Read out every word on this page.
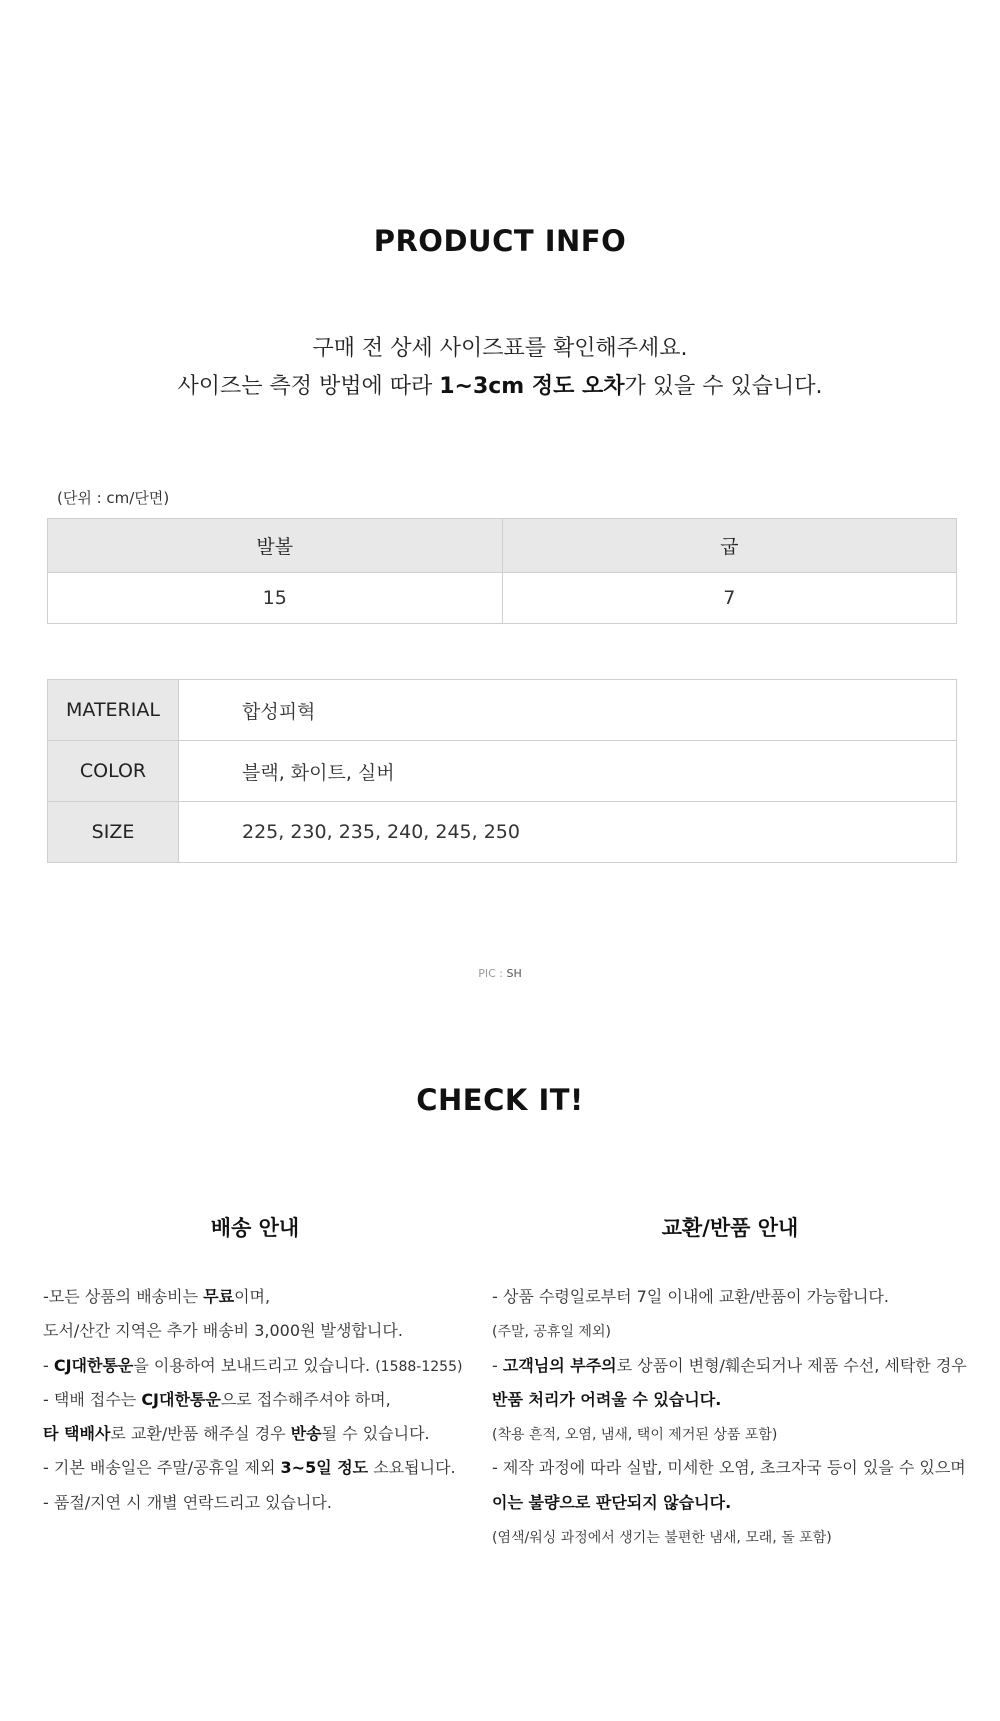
PRODUCT INFO
구매 전 상세 사이즈표를 확인해주세요.
사이즈는 측정 방법에 따라 1~3cm 정도 오차가 있을 수 있습니다.
(단위 : cm/단면)
발볼	굽
15	7
MATERIAL	합성피혁
COLOR	블랙, 화이트, 실버
SIZE	225, 230, 235, 240, 245, 250
PIC : SH
CHECK IT!
배송 안내	교환/반품 안내
-모든 상품의 배송비는 무료이며,
도서/산간 지역은 추가 배송비 3,000원 발생합니다.
- CJ대한통운을 이용하여 보내드리고 있습니다. (1588-1255)
- 택배 접수는 CJ대한통운으로 접수해주셔야 하며,
타 택배사로 교환/반품 해주실 경우 반송될 수 있습니다.
- 기본 배송일은 주말/공휴일 제외 3~5일 정도 소요됩니다.
- 품절/지연 시 개별 연락드리고 있습니다.
- 상품 수령일로부터 7일 이내에 교환/반품이 가능합니다.
(주말, 공휴일 제외)
- 고객님의 부주의로 상품이 변형/훼손되거나 제품 수선, 세탁한 경우
반품 처리가 어려울 수 있습니다.
(착용 흔적, 오염, 냄새, 택이 제거된 상품 포함)
- 제작 과정에 따라 실밥, 미세한 오염, 초크자국 등이 있을 수 있으며
이는 불량으로 판단되지 않습니다.
(염색/워싱 과정에서 생기는 불편한 냄새, 모래, 돌 포함)
